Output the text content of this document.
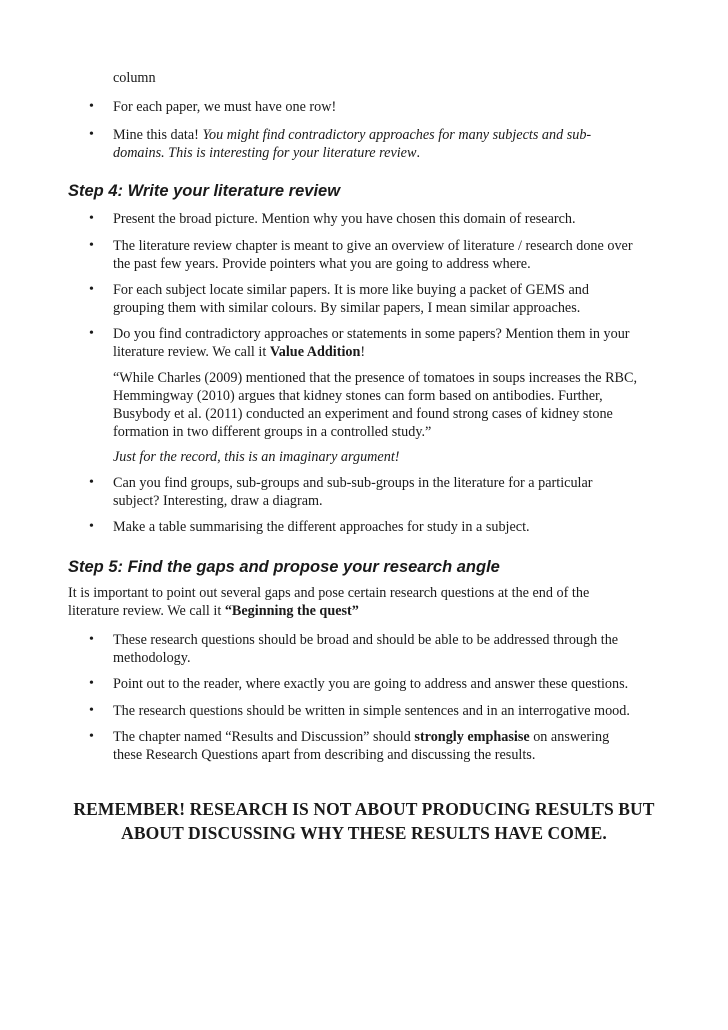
column

• For each paper, we must have one row!

• Mine this data! You might find contradictory approaches for many subjects and sub-

domains. This is interesting for your literature review.

Step 4: Write your literature review
• Present the broad picture. Mention why you have chosen this domain of research.

• The literature review chapter is meant to give an overview of literature / research done over

the past few years. Provide pointers what you are going to address where.

• For each subject locate similar papers. It is more like buying a packet of GEMS and

grouping them with similar colours. By similar papers, I mean similar approaches.

• Do you find contradictory approaches or statements in some papers? Mention them in your

literature review. We call it Value Addition!

“While Charles (2009) mentioned that the presence of tomatoes in soups increases the RBC,

Hemmingway (2010) argues that kidney stones can form based on antibodies. Further,

Busybody et al. (2011) conducted an experiment and found strong cases of kidney stone

formation in two different groups in a controlled study.”

Just for the record, this is an imaginary argument!

• Can you find groups, sub-groups and sub-sub-groups in the literature for a particular

subject? Interesting, draw a diagram.

• Make a table summarising the different approaches for study in a subject.

Step 5: Find the gaps and propose your research angle

It is important to point out several gaps and pose certain research questions at the end of the

literature review. We call it “Beginning the quest”

• These research questions should be broad and should be able to be addressed through the

methodology.

• Point out to the reader, where exactly you are going to address and answer these questions.

• The research questions should be written in simple sentences and in an interrogative mood.

• The chapter named “Results and Discussion” should strongly emphasise on answering

these Research Questions apart from describing and discussing the results.

REMEMBER! RESEARCH IS NOT ABOUT PRODUCING RESULTS BUT

ABOUT DISCUSSING WHY THESE RESULTS HAVE COME.
